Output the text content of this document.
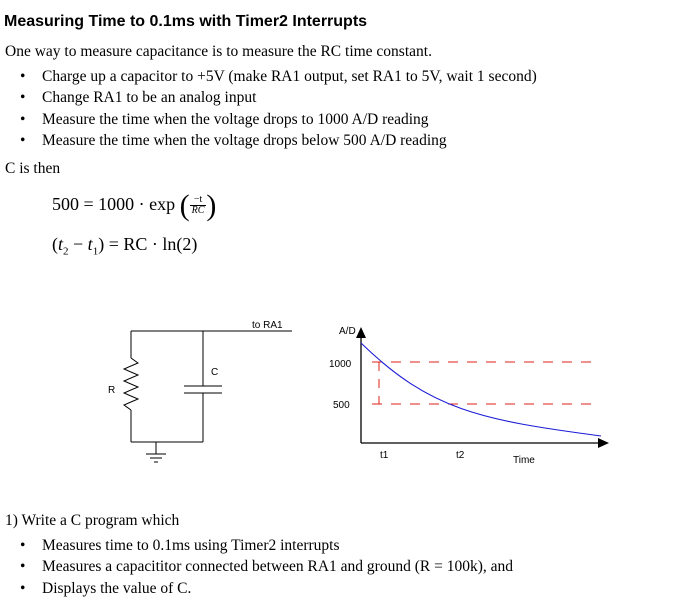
Measuring Time to 0.1ms with Timer2 Interrupts

One way to measure capacitance is to measure the RC time constant.

• Charge up a capacitor to +5V (make RA1 output, set RA1 to 5V, wait 1 second)
• Change RA1 to be an analog input
• Measure the time when the voltage drops to 1000 A/D reading
• Measure the time when the voltage drops below 500 A/D reading

C is then

500 = 1000 · exp ( $\frac{-t}{RC}$ )
$(t_2 - t_1)$ = RC · ln(2)
to RA1
R
C
A/D
1000
500
t1	t2	Time

1) Write a C program which

• Measures time to 0.1ms using Timer2 interrupts
• Measures a capacititor connected between RA1 and ground (R = 100k), and
• Displays the value of C.
